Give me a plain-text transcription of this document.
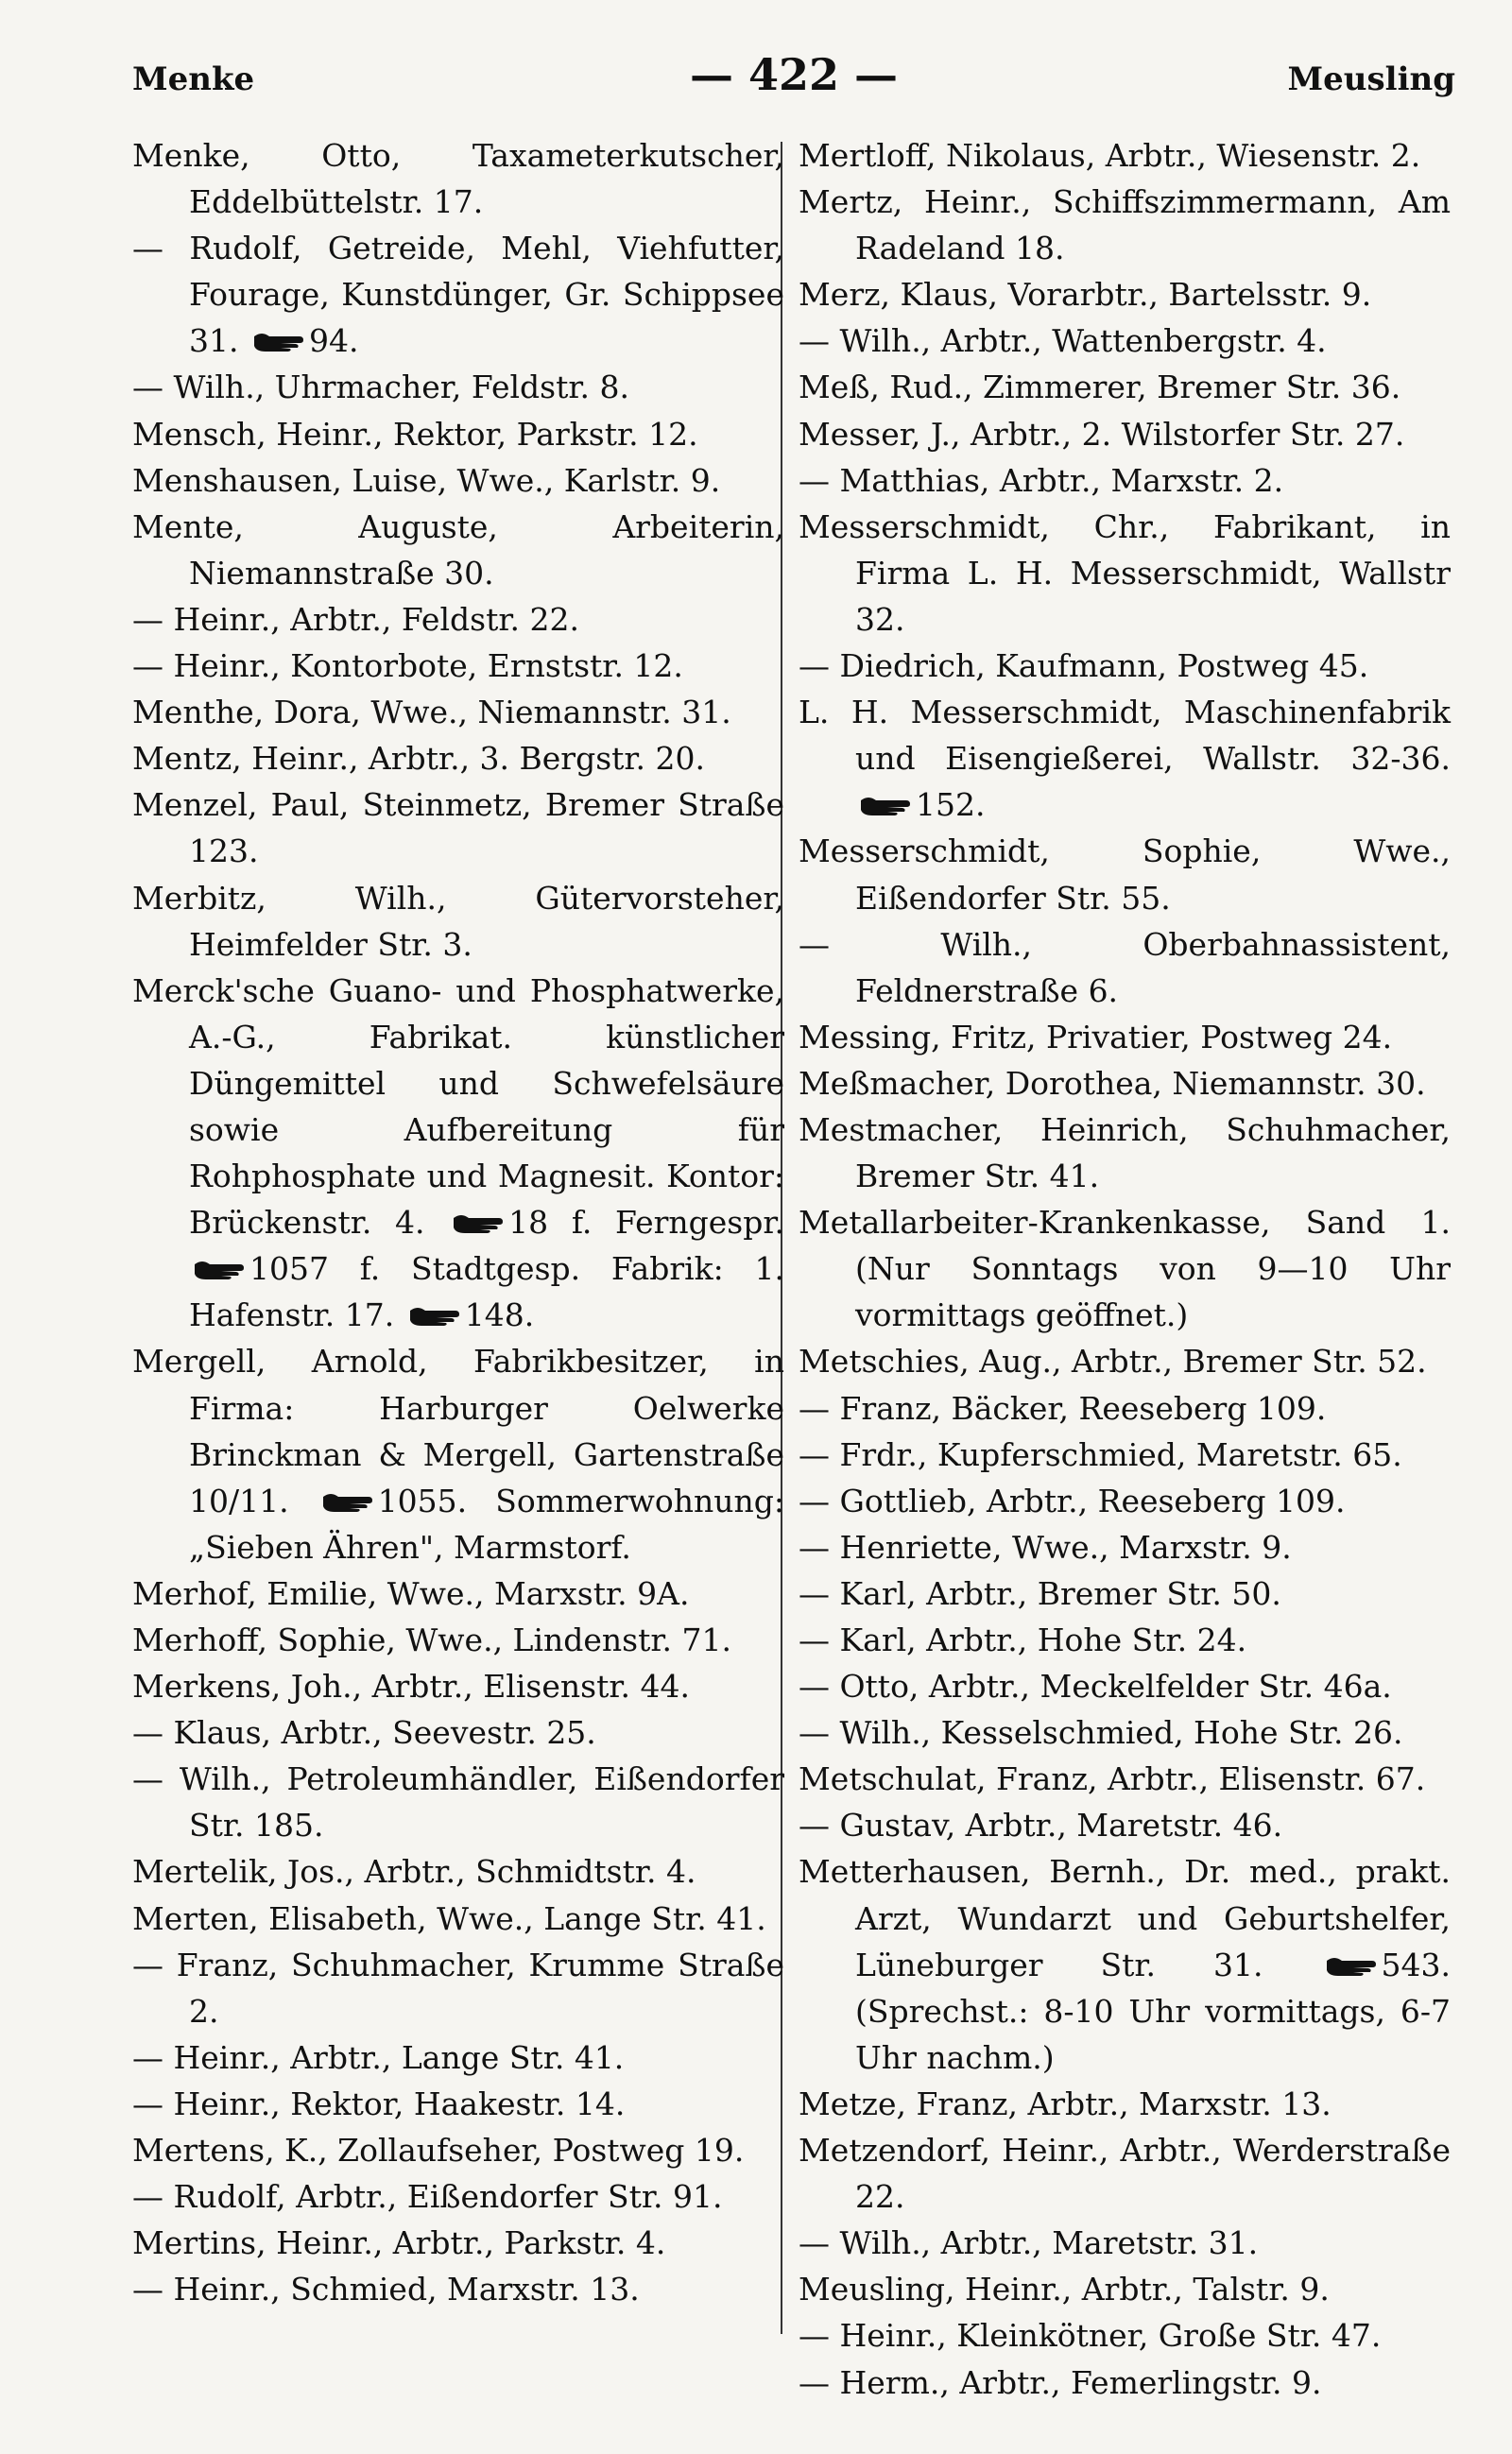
Menke	— 422 —	Meusling

Menke, Otto, Taxameterkutscher, Eddelbüttelstr. 17.

— Rudolf, Getreide, Mehl, Viehfutter, Fourage, Kunstdünger, Gr. Schippsee 31. 94.

— Wilh., Uhrmacher, Feldstr. 8.

Mensch, Heinr., Rektor, Parkstr. 12.

Menshausen, Luise, Wwe., Karlstr. 9.

Mente, Auguste, Arbeiterin, Niemannstraße 30.

— Heinr., Arbtr., Feldstr. 22.

— Heinr., Kontorbote, Ernststr. 12.

Menthe, Dora, Wwe., Niemannstr. 31.

Mentz, Heinr., Arbtr., 3. Bergstr. 20.

Menzel, Paul, Steinmetz, Bremer Straße 123.

Merbitz, Wilh., Gütervorsteher, Heimfelder Str. 3.

Merck'sche Guano- und Phosphatwerke, A.-G., Fabrikat. künstlicher Düngemittel und Schwefelsäure sowie Aufbereitung für Rohphosphate und Magnesit. Kontor: Brückenstr. 4. 18 f. Ferngespr. 1057 f. Stadtgesp. Fabrik: 1. Hafenstr. 17. 148.

Mergell, Arnold, Fabrikbesitzer, in Firma: Harburger Oelwerke Brinckman & Mergell, Gartenstraße 10/11. 1055. Sommerwohnung: „Sieben Ähren", Marmstorf.

Merhof, Emilie, Wwe., Marxstr. 9A.

Merhoff, Sophie, Wwe., Lindenstr. 71.

Merkens, Joh., Arbtr., Elisenstr. 44.

— Klaus, Arbtr., Seevestr. 25.

— Wilh., Petroleumhändler, Eißendorfer Str. 185.

Mertelik, Jos., Arbtr., Schmidtstr. 4.

Merten, Elisabeth, Wwe., Lange Str. 41.

— Franz, Schuhmacher, Krumme Straße 2.

— Heinr., Arbtr., Lange Str. 41.

— Heinr., Rektor, Haakestr. 14.

Mertens, K., Zollaufseher, Postweg 19.

— Rudolf, Arbtr., Eißendorfer Str. 91.

Mertins, Heinr., Arbtr., Parkstr. 4.

— Heinr., Schmied, Marxstr. 13.

Mertloff, Nikolaus, Arbtr., Wiesenstr. 2.

Mertz, Heinr., Schiffszimmermann, Am Radeland 18.

Merz, Klaus, Vorarbtr., Bartelsstr. 9.

— Wilh., Arbtr., Wattenbergstr. 4.

Meß, Rud., Zimmerer, Bremer Str. 36.

Messer, J., Arbtr., 2. Wilstorfer Str. 27.

— Matthias, Arbtr., Marxstr. 2.

Messerschmidt, Chr., Fabrikant, in Firma L. H. Messerschmidt, Wallstr 32.

— Diedrich, Kaufmann, Postweg 45.

L. H. Messerschmidt, Maschinenfabrik und Eisengießerei, Wallstr. 32-36. 152.

Messerschmidt, Sophie, Wwe., Eißendorfer Str. 55.

— Wilh., Oberbahnassistent, Feldnerstraße 6.

Messing, Fritz, Privatier, Postweg 24.

Meßmacher, Dorothea, Niemannstr. 30.

Mestmacher, Heinrich, Schuhmacher, Bremer Str. 41.

Metallarbeiter-Krankenkasse, Sand 1. (Nur Sonntags von 9—10 Uhr vormittags geöffnet.)

Metschies, Aug., Arbtr., Bremer Str. 52.

— Franz, Bäcker, Reeseberg 109.

— Frdr., Kupferschmied, Maretstr. 65.

— Gottlieb, Arbtr., Reeseberg 109.

— Henriette, Wwe., Marxstr. 9.

— Karl, Arbtr., Bremer Str. 50.

— Karl, Arbtr., Hohe Str. 24.

— Otto, Arbtr., Meckelfelder Str. 46a.

— Wilh., Kesselschmied, Hohe Str. 26.

Metschulat, Franz, Arbtr., Elisenstr. 67.

— Gustav, Arbtr., Maretstr. 46.

Metterhausen, Bernh., Dr. med., prakt. Arzt, Wundarzt und Geburtshelfer, Lüneburger Str. 31. 543. (Sprechst.: 8-10 Uhr vormittags, 6-7 Uhr nachm.)

Metze, Franz, Arbtr., Marxstr. 13.

Metzendorf, Heinr., Arbtr., Werderstraße 22.

— Wilh., Arbtr., Maretstr. 31.

Meusling, Heinr., Arbtr., Talstr. 9.

— Heinr., Kleinkötner, Große Str. 47.

— Herm., Arbtr., Femerlingstr. 9.
